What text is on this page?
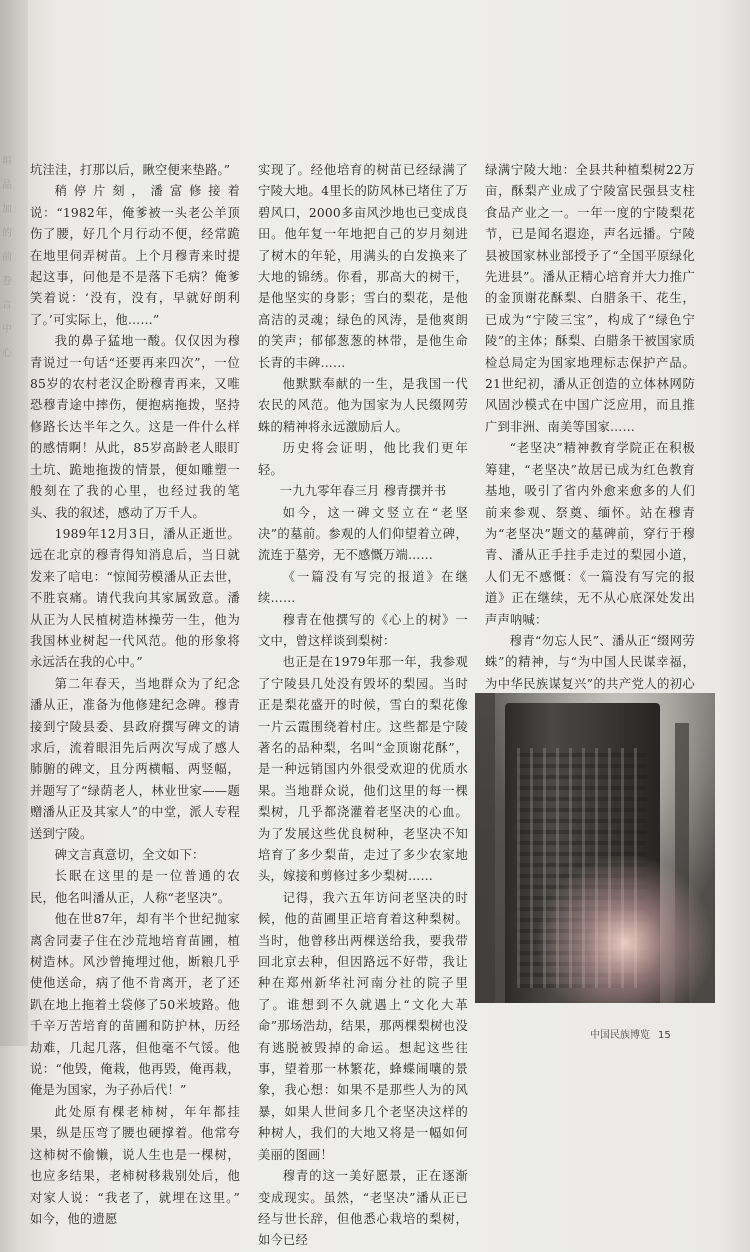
垣
品
加
的
前
卷
言
中
心

坑洼洼，打那以后，瞅空便来垫路。”

稍停片刻，潘富修接着说：“1982年，俺爹被一头老公羊顶伤了腰，好几个月行动不便，经常跪在地里伺弄树苗。上个月穆青来时提起这事，问他是不是落下毛病？俺爹笑着说：‘没有，没有，早就好朗利了。’可实际上，他……”

我的鼻子猛地一酸。仅仅因为穆青说过一句话“还要再来四次”，一位85岁的农村老汉企盼穆青再来，又唯恐穆青途中摔伤，便抱病拖拨，坚持修路长达半年之久。这是一件什么样的感情啊！从此，85岁高龄老人眼盯土坑、跪地拖拨的情景，便如雕塑一般刻在了我的心里，也经过我的笔头、我的叙述，感动了万千人。

1989年12月3日，潘从正逝世。远在北京的穆青得知消息后，当日就发来了唁电：“惊闻劳模潘从正去世，不胜哀痛。请代我向其家属致意。潘从正为人民植树造林操劳一生，他为我国林业树起一代风范。他的形象将永远活在我的心中。”

第二年春天，当地群众为了纪念潘从正，准备为他修建纪念碑。穆青接到宁陵县委、县政府撰写碑文的请求后，流着眼泪先后两次写成了感人肺腑的碑文，且分两横幅、两竖幅，并题写了“绿荫老人，林业世家——题赠潘从正及其家人”的中堂，派人专程送到宁陵。

碑文言真意切，全文如下：

长眠在这里的是一位普通的农民，他名叫潘从正，人称“老坚决”。

他在世87年，却有半个世纪抛家离舍同妻子住在沙荒地培育苗圃，植树造林。风沙曾掩埋过他，断粮几乎使他送命，病了他不肯离开，老了还趴在地上拖着土袋修了50米坡路。他千辛万苦培育的苗圃和防护林，历经劫难，几起几落，但他毫不气馁。他说：“他毁，俺栽，他再毁，俺再栽，俺是为国家，为子孙后代！”

此处原有棵老柿树，年年都挂果，纵是压弯了腰也硬撑着。他常夸这柿树不偷懒，说人生也是一棵树，也应多结果，老柿树移栽别处后，他对家人说：“我老了，就埋在这里。” 如今，他的遗愿

实现了。经他培育的树苗已经绿满了宁陵大地。4里长的防风林已堵住了万碧风口，2000多亩风沙地也已变成良田。他年复一年地把自己的岁月刻进了树木的年轮，用满头的白发换来了大地的锦绣。你看，那高大的树干，是他坚实的身影；雪白的梨花，是他高洁的灵魂；绿色的风涛，是他爽朗的笑声；郁郁葱葱的林带，是他生命长青的丰碑……

他默默奉献的一生，是我国一代农民的风范。他为国家为人民缀网劳蛛的精神将永远激励后人。

历史将会证明，他比我们更年轻。

一九九零年春三月 穆青撰并书

如今，这一碑文竖立在“老坚决”的墓前。参观的人们仰望着立碑，流连于墓旁，无不感慨万端……

《一篇没有写完的报道》在继续……

穆青在他撰写的《心上的树》一文中，曾这样谈到梨树：

也正是在1979年那一年，我参观了宁陵县几处没有毁坏的梨园。当时正是梨花盛开的时候，雪白的梨花像一片云霞围绕着村庄。这些都是宁陵著名的品种梨，名叫“金顶谢花酥”，是一种远销国内外很受欢迎的优质水果。当地群众说，他们这里的每一棵梨树，几乎都浇灌着老坚决的心血。为了发展这些优良树种，老坚决不知培育了多少梨苗，走过了多少农家地头，嫁接和剪修过多少梨树……

记得，我六五年访问老坚决的时候，他的苗圃里正培育着这种梨树。当时，他曾移出两棵送给我，要我带回北京去种，但因路远不好带，我让种在郑州新华社河南分社的院子里了。谁想到不久就遇上“文化大革命”那场浩劫，结果，那两棵梨树也没有逃脱被毁掉的命运。想起这些往事，望着那一林繁花，蜂蝶闹嚷的景象，我心想：如果不是那些人为的风暴，如果人世间多几个老坚决这样的种树人，我们的大地又将是一幅如何美丽的图画！

穆青的这一美好愿景，正在逐渐变成现实。虽然，“老坚决”潘从正已经与世长辞，但他悉心栽培的梨树，如今已经

绿满宁陵大地：全县共种植梨树22万亩，酥梨产业成了宁陵富民强县支柱食品产业之一。一年一度的宁陵梨花节，已是闻名遐迩，声名远播。宁陵县被国家林业部授予了“全国平原绿化先进县”。潘从正精心培育并大力推广的金顶谢花酥梨、白腊条干、花生，已成为“宁陵三宝”，构成了“绿色宁陵”的主体；酥梨、白腊条干被国家质检总局定为国家地理标志保护产品。21世纪初，潘从正创造的立体林网防风固沙模式在中国广泛应用，而且推广到非洲、南美等国家……

“老坚决”精神教育学院正在积极筹建，“老坚决”故居已成为红色教育基地，吸引了省内外愈来愈多的人们前来参观、祭奠、缅怀。站在穆青为“老坚决”题文的墓碑前，穿行于穆青、潘从正手拄手走过的梨园小道，人们无不感慨：《一篇没有写完的报道》正在继续，无不从心底深处发出声声呐喊：

穆青“勿忘人民”、潘从正“缀网劳蛛”的精神，与“为中国人民谋幸福，为中华民族谋复兴”的共产党人的初心

中国民族博览 15
